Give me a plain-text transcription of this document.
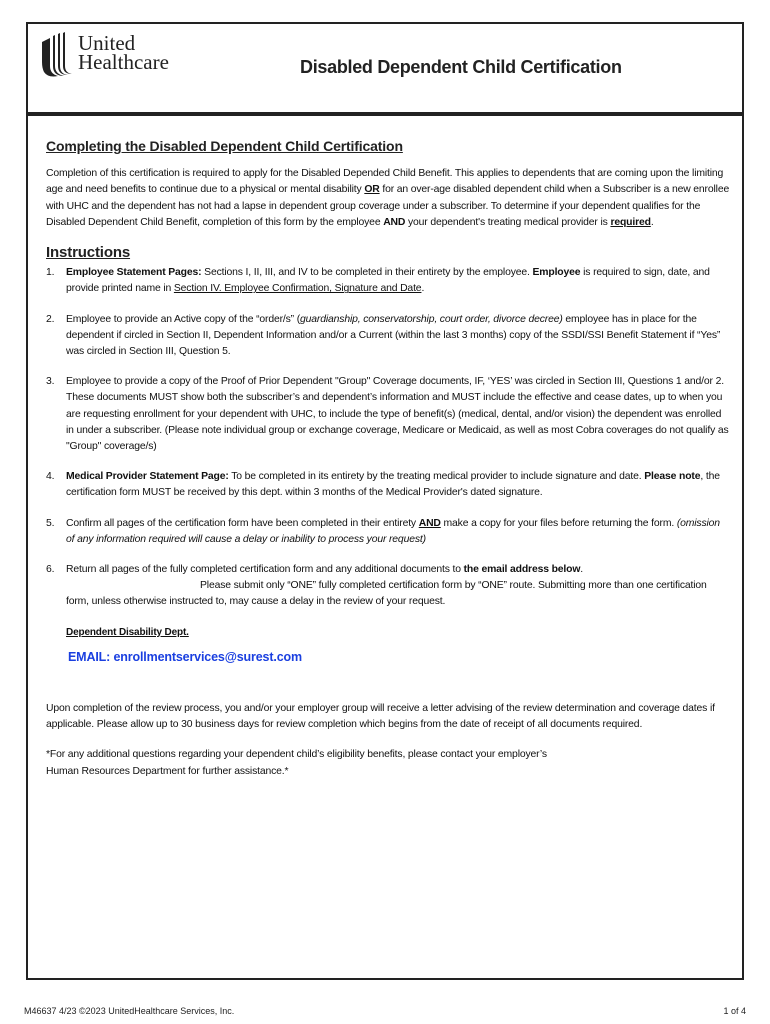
United
Healthcare	Disabled Dependent Child Certification
Completing the Disabled Dependent Child Certification

Completion of this certification is required to apply for the Disabled Depended Child Benefit. This applies to dependents that are coming upon the limiting age and need benefits to continue due to a physical or mental disability OR for an over-age disabled dependent child when a Subscriber is a new enrollee with UHC and the dependent has not had a lapse in dependent group coverage under a subscriber. To determine if your dependent qualifies for the Disabled Dependent Child Benefit, completion of this form by the employee AND your dependent's treating medical provider is required.

Instructions
1. Employee Statement Pages: Sections I, II, III, and IV to be completed in their entirety by the employee. Employee is required to sign, date, and provide printed name in Section IV. Employee Confirmation, Signature and Date.
2. Employee to provide an Active copy of the “order/s” (guardianship, conservatorship, court order, divorce decree) employee has in place for the dependent if circled in Section II, Dependent Information and/or a Current (within the last 3 months) copy of the SSDI/SSI Benefit Statement if “Yes” was circled in Section III, Question 5.
3. Employee to provide a copy of the Proof of Prior Dependent "Group" Coverage documents, IF, ‘YES’ was circled in Section III, Questions 1 and/or 2. These documents MUST show both the subscriber’s and dependent’s information and MUST include the effective and cease dates, up to when you are requesting enrollment for your dependent with UHC, to include the type of benefit(s) (medical, dental, and/or vision) the dependent was enrolled in under a subscriber. (Please note individual group or exchange coverage, Medicare or Medicaid, as well as most Cobra coverages do not qualify as "Group" coverage/s)
4. Medical Provider Statement Page: To be completed in its entirety by the treating medical provider to include signature and date. Please note, the certification form MUST be received by this dept. within 3 months of the Medical Provider's dated signature.
5. Confirm all pages of the certification form have been completed in their entirety AND make a copy for your files before returning the form. (omission of any information required will cause a delay or inability to process your request)
6. Return all pages of the fully completed certification form and any additional documents to the email address below.
Please submit only “ONE” fully completed certification form by “ONE” route. Submitting more than one certification form, unless otherwise instructed to, may cause a delay in the review of your request.
Dependent Disability Dept.
EMAIL: enrollmentservices@surest.com

Upon completion of the review process, you and/or your employer group will receive a letter advising of the review determination and coverage dates if applicable. Please allow up to 30 business days for review completion which begins from the date of receipt of all documents required.

*For any additional questions regarding your dependent child’s eligibility benefits, please contact your employer’s
Human Resources Department for further assistance.*

M46637 4/23 ©2023 UnitedHealthcare Services, Inc.	1 of 4
